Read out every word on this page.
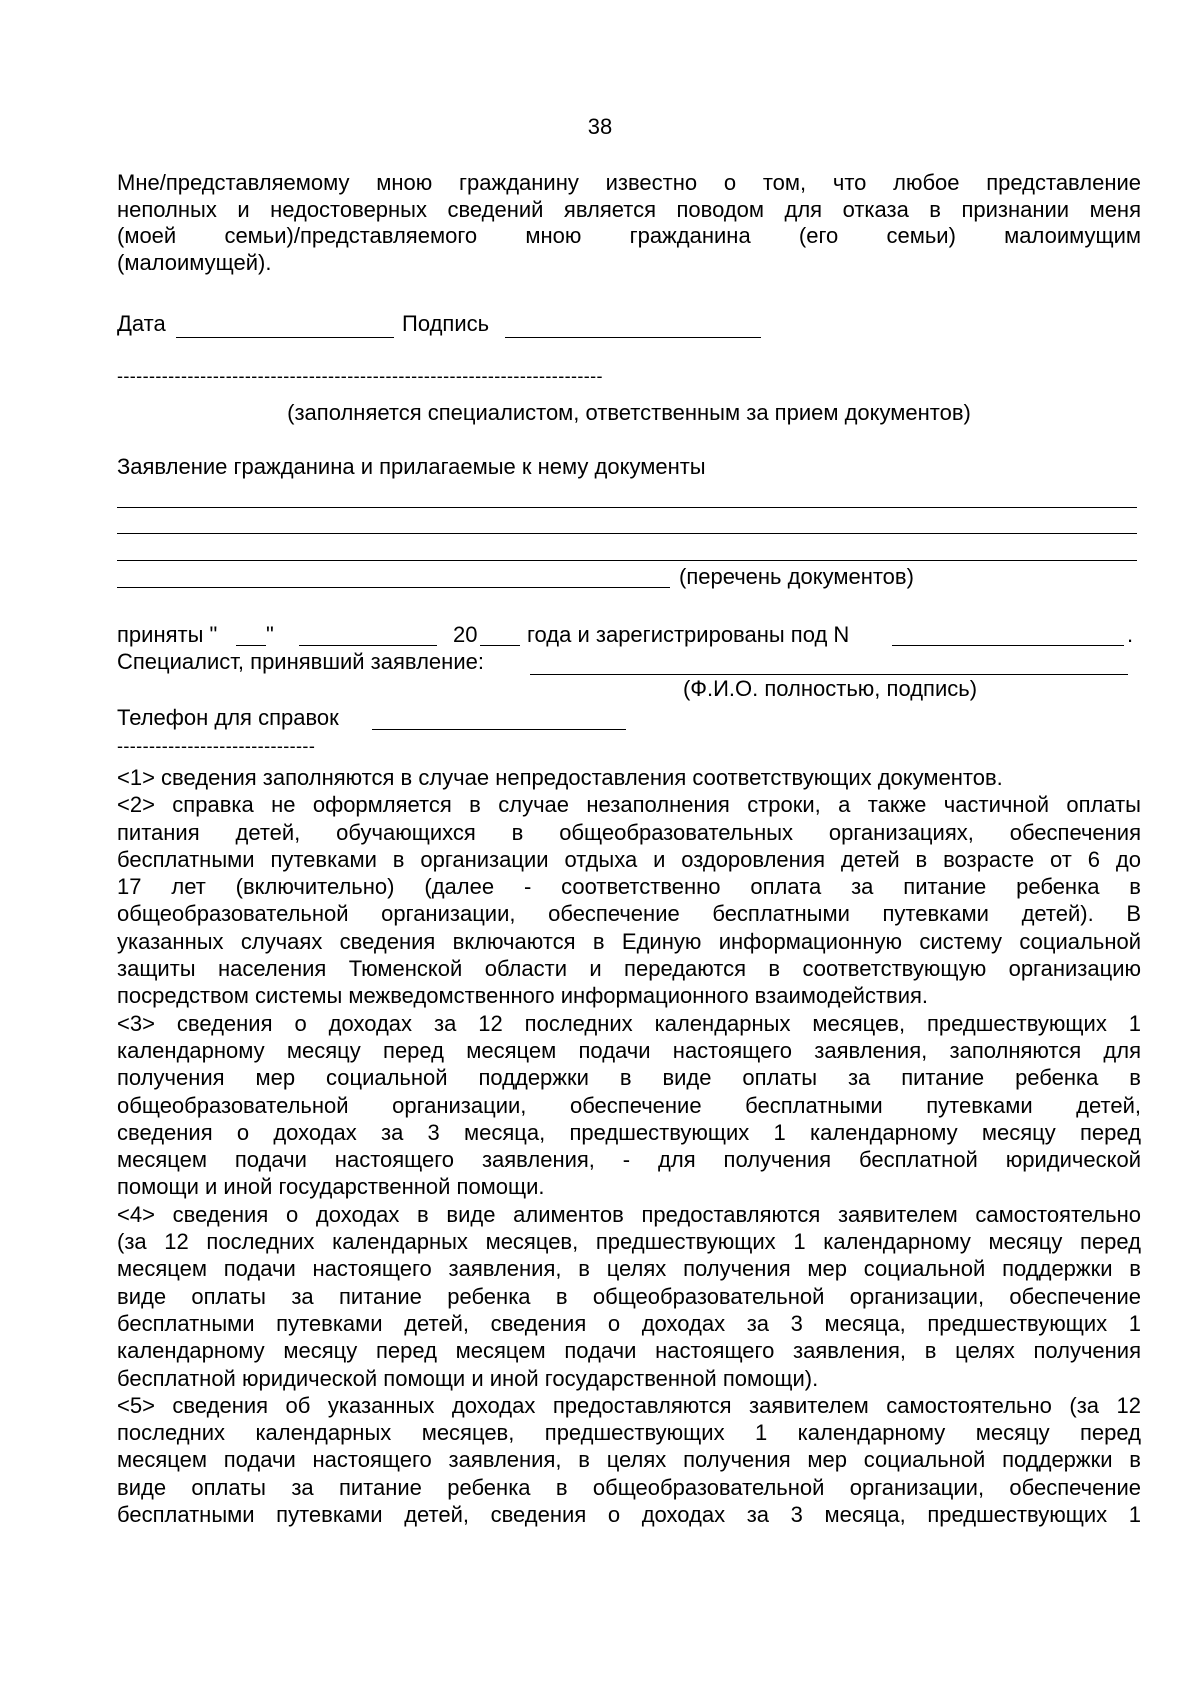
38
Мне/представляемому мною гражданину известно о том, что любое представление
неполных и недостоверных сведений является поводом для отказа в признании меня
(моей семьи)/представляемого мною гражданина (его семьи) малоимущим
(малоимущей).
Дата	Подпись
----------------------------------------------------------------------------
(заполняется специалистом, ответственным за прием документов)
Заявление гражданина и прилагаемые к нему документы
(перечень документов)
приняты " "	20 года и зарегистрированы под N	.
Специалист, принявший заявление:
(Ф.И.О. полностью, подпись)
Телефон для справок
-------------------------------
<1> сведения заполняются в случае непредоставления соответствующих документов.
<2> справка не оформляется в случае незаполнения строки, а также частичной оплаты
питания детей, обучающихся в общеобразовательных организациях, обеспечения
бесплатными путевками в организации отдыха и оздоровления детей в возрасте от 6 до
17 лет (включительно) (далее - соответственно оплата за питание ребенка в
общеобразовательной организации, обеспечение бесплатными путевками детей). В
указанных случаях сведения включаются в Единую информационную систему социальной
защиты населения Тюменской области и передаются в соответствующую организацию
посредством системы межведомственного информационного взаимодействия.
<3> сведения о доходах за 12 последних календарных месяцев, предшествующих 1
календарному месяцу перед месяцем подачи настоящего заявления, заполняются для
получения мер социальной поддержки в виде оплаты за питание ребенка в
общеобразовательной организации, обеспечение бесплатными путевками детей,
сведения о доходах за 3 месяца, предшествующих 1 календарному месяцу перед
месяцем подачи настоящего заявления, - для получения бесплатной юридической
помощи и иной государственной помощи.
<4> сведения о доходах в виде алиментов предоставляются заявителем самостоятельно
(за 12 последних календарных месяцев, предшествующих 1 календарному месяцу перед
месяцем подачи настоящего заявления, в целях получения мер социальной поддержки в
виде оплаты за питание ребенка в общеобразовательной организации, обеспечение
бесплатными путевками детей, сведения о доходах за 3 месяца, предшествующих 1
календарному месяцу перед месяцем подачи настоящего заявления, в целях получения
бесплатной юридической помощи и иной государственной помощи).
<5> сведения об указанных доходах предоставляются заявителем самостоятельно (за 12
последних календарных месяцев, предшествующих 1 календарному месяцу перед
месяцем подачи настоящего заявления, в целях получения мер социальной поддержки в
виде оплаты за питание ребенка в общеобразовательной организации, обеспечение
бесплатными путевками детей, сведения о доходах за 3 месяца, предшествующих 1
